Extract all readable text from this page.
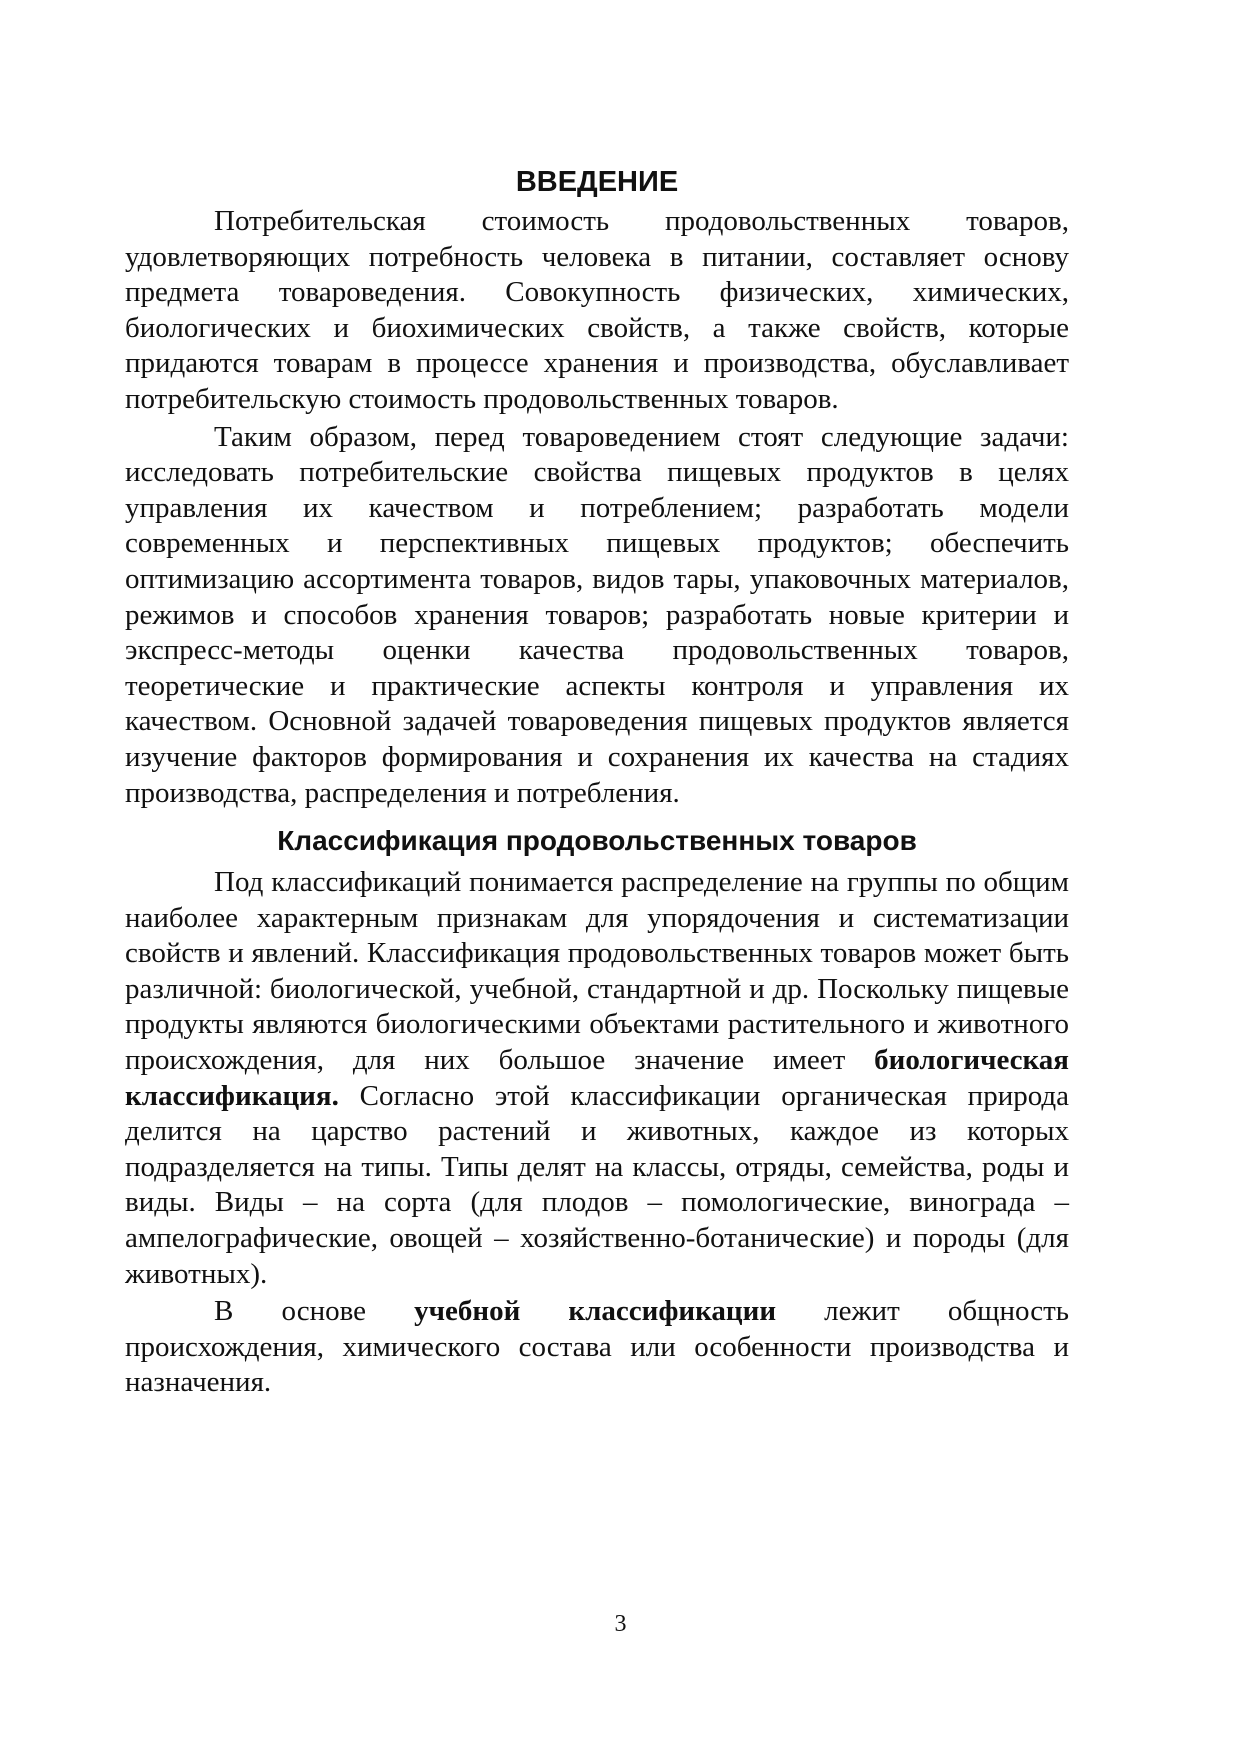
ВВЕДЕНИЕ

Потребительская стоимость продовольственных товаров, удовлетворяющих потребность человека в питании, составляет основу предмета товароведения. Совокупность физических, химических, биологических и биохимических свойств, а также свойств, которые придаются товарам в процессе хранения и производства, обуславливает потребительскую стоимость продовольственных товаров.

Таким образом, перед товароведением стоят следующие задачи: исследовать потребительские свойства пищевых продуктов в целях управления их качеством и потреблением; разработать модели современных и перспективных пищевых продуктов; обеспечить оптимизацию ассортимента товаров, видов тары, упаковочных материалов, режимов и способов хранения товаров; разработать новые критерии и экспресс-методы оценки качества продовольственных товаров, теоретические и практические аспекты контроля и управления их качеством. Основной задачей товароведения пищевых продуктов является изучение факторов формирования и сохранения их качества на стадиях производства, распределения и потребления.

Классификация продовольственных товаров

Под классификаций понимается распределение на группы по общим наиболее характерным признакам для упорядочения и систематизации свойств и явлений. Классификация продовольственных товаров может быть различной: биологической, учебной, стандартной и др. Поскольку пищевые продукты являются биологическими объектами растительного и животного происхождения, для них большое значение имеет биологическая классификация. Согласно этой классификации органическая природа делится на царство растений и животных, каждое из которых подразделяется на типы. Типы делят на классы, отряды, семейства, роды и виды. Виды – на сорта (для плодов – помологические, винограда – ампелографические, овощей – хозяйственно-ботанические) и породы (для животных).

В основе учебной классификации лежит общность происхождения, химического состава или особенности производства и назначения.

3
